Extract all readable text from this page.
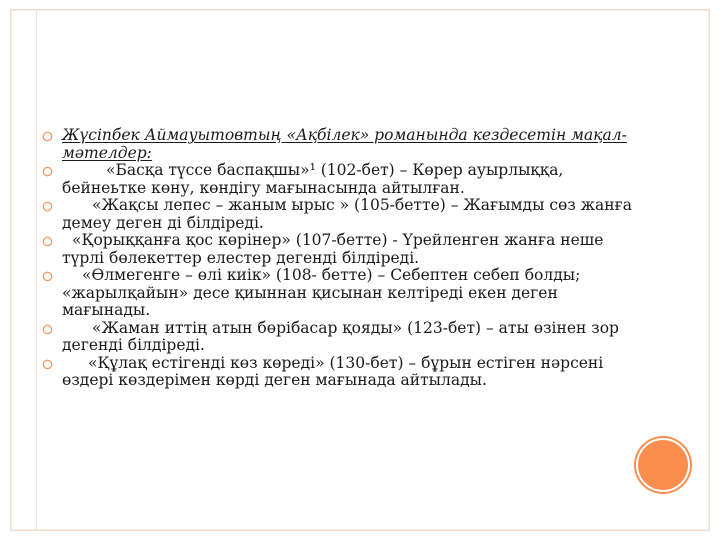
Жүсіпбек Аймауытовтың «Ақбілек» романында кездесетін мақал-мәтелдер:
«Басқа түссе баспақшы»¹ (102-бет) – Көрер ауырлыққа, бейнеьтке көну, көндігу мағынасында айтылған.
«Жақсы лепес – жаным ырыс » (105-бетте) – Жағымды сөз жанға демеу деген ді білдіреді.
«Қорыққанға қос көрінер» (107-бетте) - Үрейленген жанға неше түрлі бөлекеттер елестер дегенді білдіреді.
«Өлмегенге – өлі киік» (108- бетте) – Себептен себеп болды; «жарылқайын» десе қиыннан қисынан келтіреді екен деген мағынады.
«Жаман иттің атын бөрібасар қояды» (123-бет) – аты өзінен зор дегенді білдіреді.
«Құлақ естігенді көз көреді» (130-бет) – бұрын естіген нәрсені өздері көздерімен көрді деген мағынада айтылады.
